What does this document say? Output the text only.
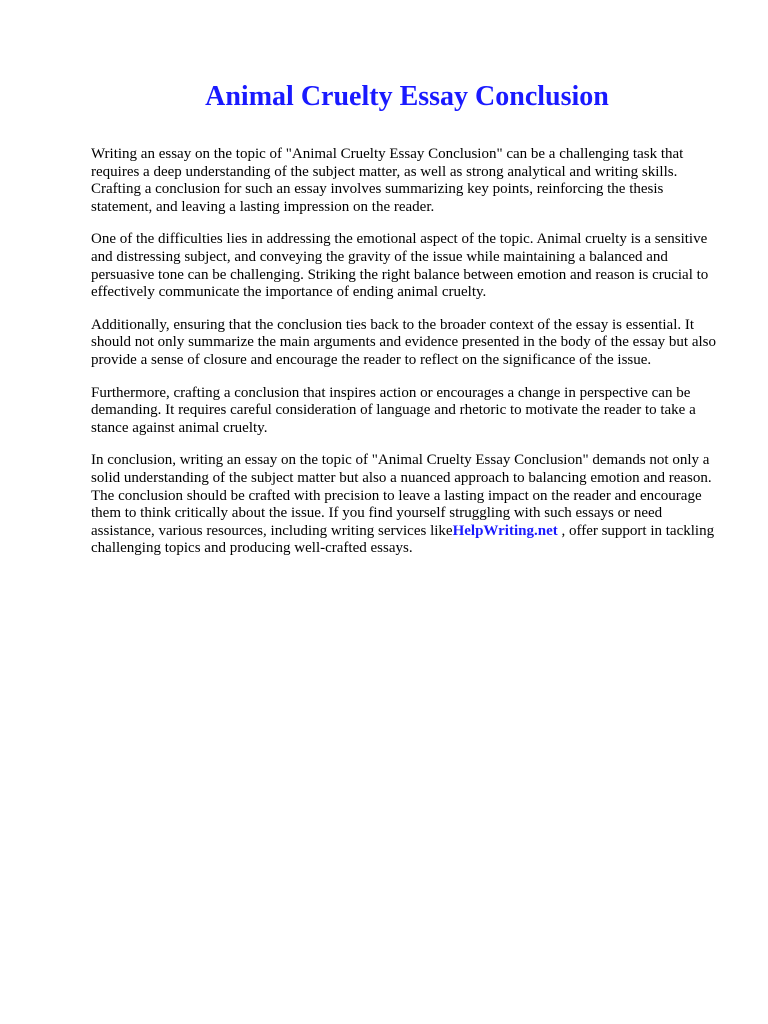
Animal Cruelty Essay Conclusion

Writing an essay on the topic of "Animal Cruelty Essay Conclusion" can be a challenging task that requires a deep understanding of the subject matter, as well as strong analytical and writing skills. Crafting a conclusion for such an essay involves summarizing key points, reinforcing the thesis statement, and leaving a lasting impression on the reader.

One of the difficulties lies in addressing the emotional aspect of the topic. Animal cruelty is a sensitive and distressing subject, and conveying the gravity of the issue while maintaining a balanced and persuasive tone can be challenging. Striking the right balance between emotion and reason is crucial to effectively communicate the importance of ending animal cruelty.

Additionally, ensuring that the conclusion ties back to the broader context of the essay is essential. It should not only summarize the main arguments and evidence presented in the body of the essay but also provide a sense of closure and encourage the reader to reflect on the significance of the issue.

Furthermore, crafting a conclusion that inspires action or encourages a change in perspective can be demanding. It requires careful consideration of language and rhetoric to motivate the reader to take a stance against animal cruelty.

In conclusion, writing an essay on the topic of "Animal Cruelty Essay Conclusion" demands not only a solid understanding of the subject matter but also a nuanced approach to balancing emotion and reason. The conclusion should be crafted with precision to leave a lasting impact on the reader and encourage them to think critically about the issue. If you find yourself struggling with such essays or need assistance, various resources, including writing services likeHelpWriting.net , offer support in tackling challenging topics and producing well-crafted essays.
